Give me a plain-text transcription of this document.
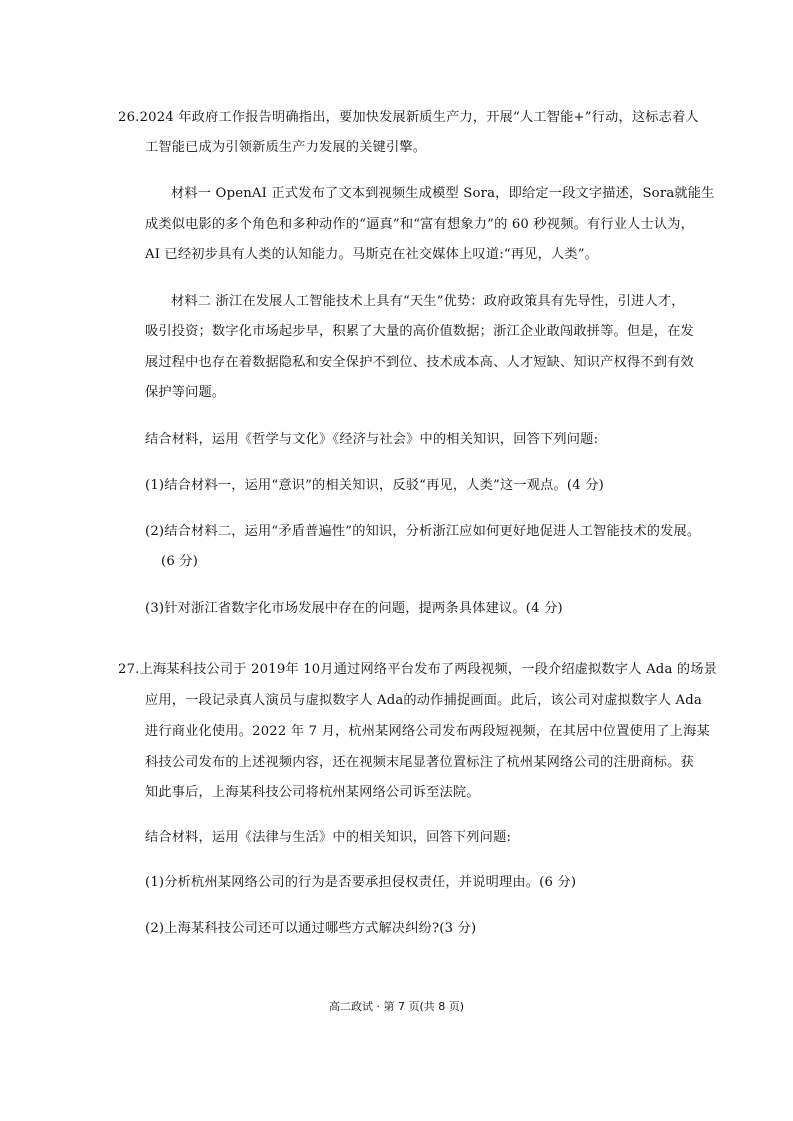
26.2024 年政府工作报告明确指出，要加快发展新质生产力，开展“人工智能+”行动，这标志着人
工智能已成为引领新质生产力发展的关键引擎。
材料一 OpenAI 正式发布了文本到视频生成模型 Sora，即给定一段文字描述，Sora就能生
成类似电影的多个角色和多种动作的“逼真”和“富有想象力”的 60 秒视频。有行业人士认为，
AI 已经初步具有人类的认知能力。马斯克在社交媒体上叹道:“再见，人类”。
材料二 浙江在发展人工智能技术上具有“天生”优势：政府政策具有先导性，引进人才，
吸引投资；数字化市场起步早，积累了大量的高价值数据；浙江企业敢闯敢拼等。但是，在发
展过程中也存在着数据隐私和安全保护不到位、技术成本高、人才短缺、知识产权得不到有效
保护等问题。
结合材料，运用《哲学与文化》《经济与社会》中的相关知识，回答下列问题:
(1)结合材料一，运用“意识”的相关知识，反驳“再见，人类”这一观点。(4 分)
(2)结合材料二，运用“矛盾普遍性”的知识，分析浙江应如何更好地促进人工智能技术的发展。
(6 分)
(3)针对浙江省数字化市场发展中存在的问题，提两条具体建议。(4 分)
27.上海某科技公司于 2019年 10月通过网络平台发布了两段视频，一段介绍虚拟数字人 Ada 的场景
应用，一段记录真人演员与虚拟数字人 Ada的动作捕捉画面。此后，该公司对虚拟数字人 Ada
进行商业化使用。2022 年 7 月，杭州某网络公司发布两段短视频，在其居中位置使用了上海某
科技公司发布的上述视频内容，还在视频末尾显著位置标注了杭州某网络公司的注册商标。获
知此事后，上海某科技公司将杭州某网络公司诉至法院。
结合材料，运用《法律与生活》中的相关知识，回答下列问题:
(1)分析杭州某网络公司的行为是否要承担侵权责任，并说明理由。(6 分)
(2)上海某科技公司还可以通过哪些方式解决纠纷?(3 分)
高二政试 · 第 7 页(共 8 页)
